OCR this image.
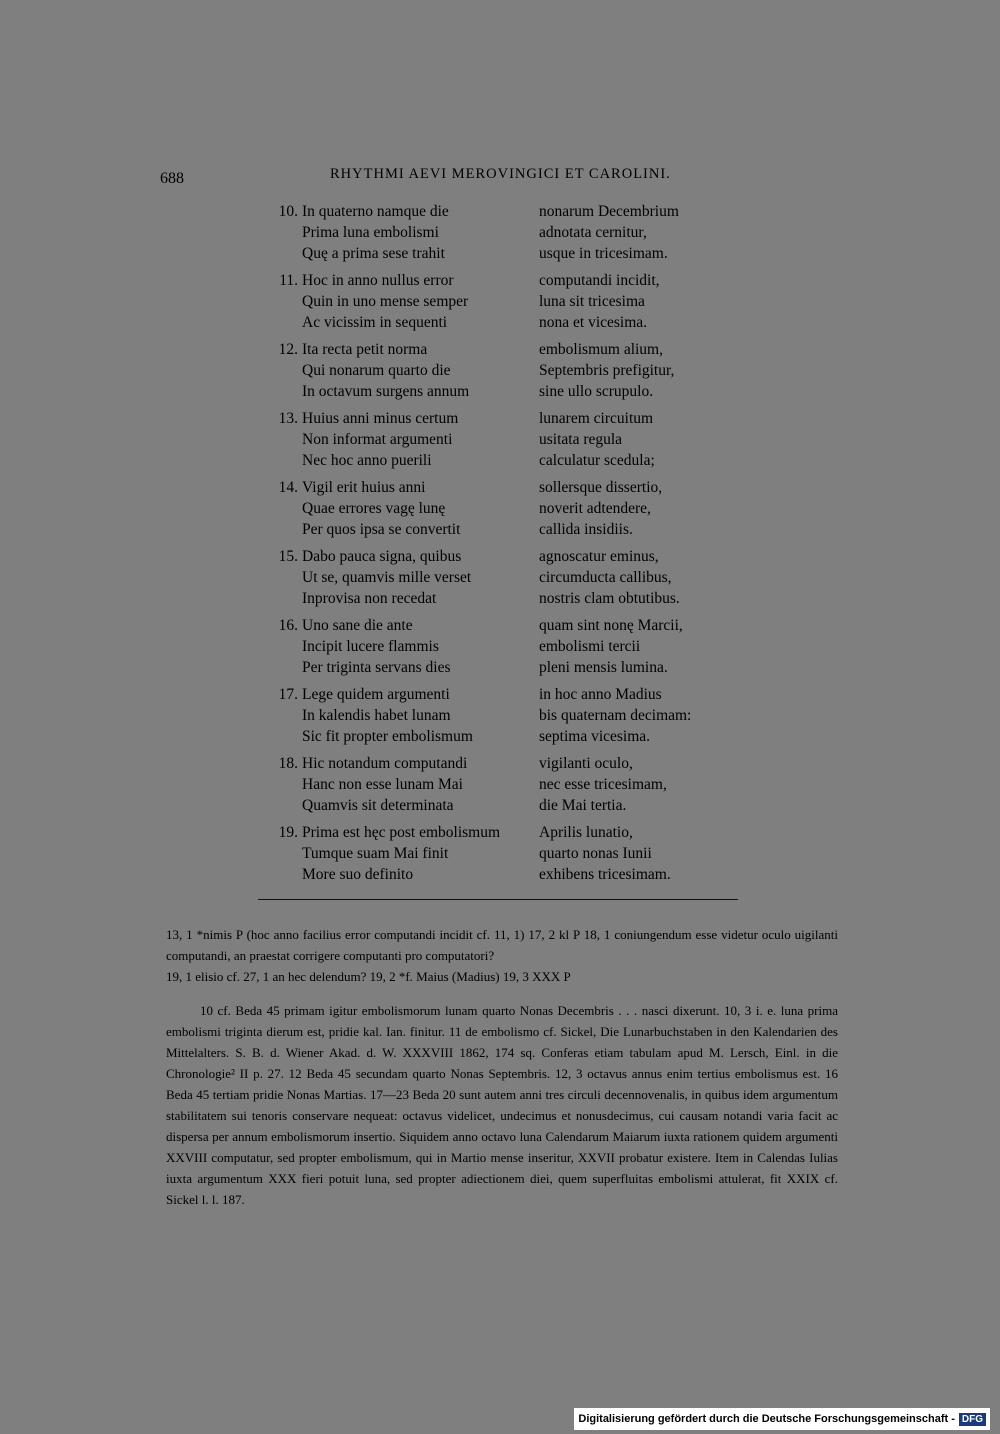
688	RHYTHMI AEVI MEROVINGICI ET CAROLINI.
10. In quaterno namque die	nonarum Decembrium
Prima luna embolismi	adnotata cernitur,
Quę a prima sese trahit	usque in tricesimam.
11. Hoc in anno nullus error	computandi incidit,
Quin in uno mense semper	luna sit tricesima
Ac vicissim in sequenti	nona et vicesima.
12. Ita recta petit norma	embolismum alium,
Qui nonarum quarto die	Septembris prefigitur,
In octavum surgens annum	sine ullo scrupulo.
13. Huius anni minus certum	lunarem circuitum
Non informat argumenti	usitata regula
Nec hoc anno puerili	calculatur scedula;
14. Vigil erit huius anni	sollersque dissertio,
Quae errores vagę lunę	noverit adtendere,
Per quos ipsa se convertit	callida insidiis.
15. Dabo pauca signa, quibus	agnoscatur eminus,
Ut se, quamvis mille verset	circumducta callibus,
Inprovisa non recedat	nostris clam obtutibus.
16. Uno sane die ante	quam sint nonę Marcii,
Incipit lucere flammis	embolismi tercii
Per triginta servans dies	pleni mensis lumina.
17. Lege quidem argumenti	in hoc anno Madius
In kalendis habet lunam	bis quaternam decimam:
Sic fit propter embolismum	septima vicesima.
18. Hic notandum computandi	vigilanti oculo,
Hanc non esse lunam Mai	nec esse tricesimam,
Quamvis sit determinata	die Mai tertia.
19. Prima est hęc post embolismum	Aprilis lunatio,
Tumque suam Mai finit	quarto nonas Iunii
More suo definito	exhibens tricesimam.

13, 1 *nimis P (hoc anno facilius error computandi incidit cf. 11, 1) 17, 2 kl P 18, 1 coniungendum esse videtur oculo uigilanti computandi, an praestat corrigere computanti pro computatori?

19, 1 elisio cf. 27, 1 an hec delendum? 19, 2 *f. Maius (Madius) 19, 3 XXX P

10 cf. Beda 45 primam igitur embolismorum lunam quarto Nonas Decembris . . . nasci dixerunt. 10, 3 i. e. luna prima embolismi triginta dierum est, pridie kal. Ian. finitur. 11 de embolismo cf. Sickel, Die Lunarbuchstaben in den Kalendarien des Mittelalters. S. B. d. Wiener Akad. d. W. XXXVIII 1862, 174 sq. Conferas etiam tabulam apud M. Lersch, Einl. in die Chronologie² II p. 27. 12 Beda 45 secundam quarto Nonas Septembris. 12, 3 octavus annus enim tertius embolismus est. 16 Beda 45 tertiam pridie Nonas Martias. 17—23 Beda 20 sunt autem anni tres circuli decennovenalis, in quibus idem argumentum stabilitatem sui tenoris conservare nequeat: octavus videlicet, undecimus et nonusdecimus, cui causam notandi varia facit ac dispersa per annum embolismorum insertio. Siquidem anno octavo luna Calendarum Maiarum iuxta rationem quidem argumenti XXVIII computatur, sed propter embolismum, qui in Martio mense inseritur, XXVII probatur existere. Item in Calendas Iulias iuxta argumentum XXX fieri potuit luna, sed propter adiectionem diei, quem superfluitas embolismi attulerat, fit XXIX cf. Sickel l. l. 187.

Digitalisierung gefördert durch die Deutsche Forschungsgemeinschaft - DFG
